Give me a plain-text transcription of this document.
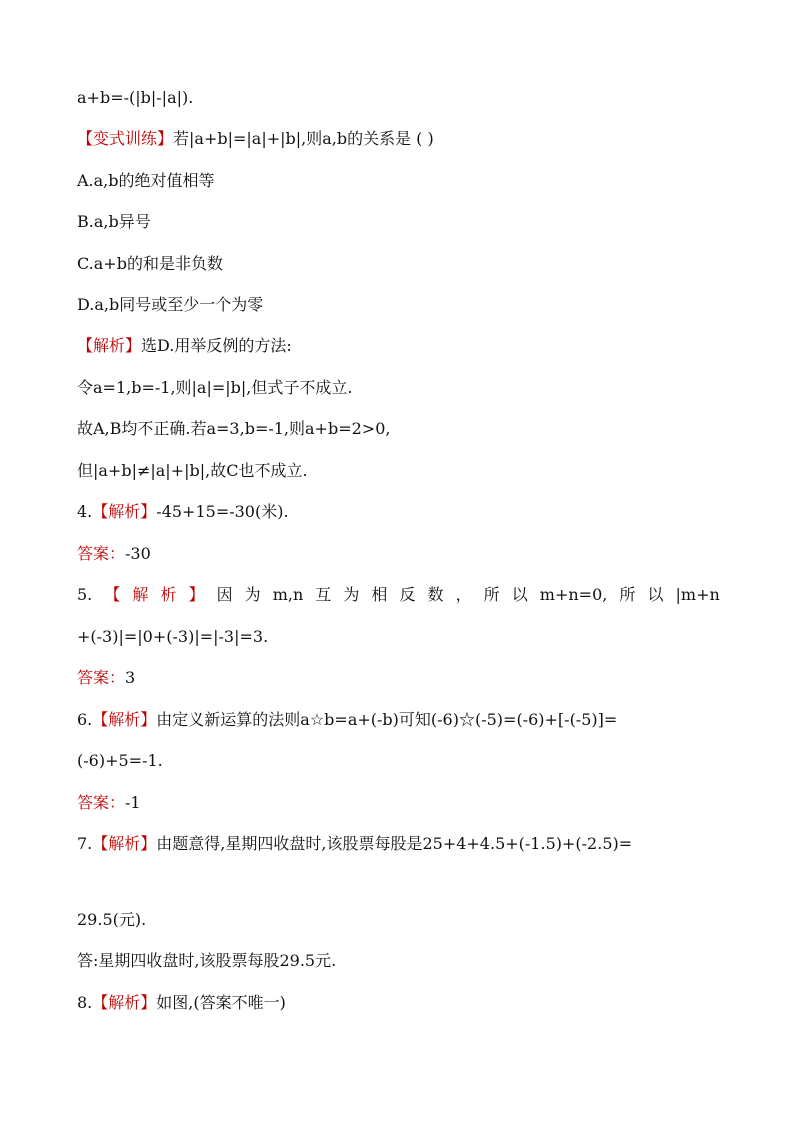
a+b=-(|b|-|a|).
【变式训练】若|a+b|=|a|+|b|,则a,b的关系是 ( )
A.a,b的绝对值相等
B.a,b异号
C.a+b的和是非负数
D.a,b同号或至少一个为零
【解析】选D.用举反例的方法:
令a=1,b=-1,则|a|=|b|,但式子不成立.
故A,B均不正确.若a=3,b=-1,则a+b=2>0,
但|a+b|≠|a|+|b|,故C也不成立.
4.【解析】-45+15=-30(米).
答案：-30
5. 【 解 析 】 因 为 m,n 互 为 相 反 数 ， 所 以 m+n=0, 所 以 |m+n
+(-3)|=|0+(-3)|=|-3|=3.
答案：3
6.【解析】由定义新运算的法则a☆b=a+(-b)可知(-6)☆(-5)=(-6)+[-(-5)]=
(-6)+5=-1.
答案：-1
7.【解析】由题意得,星期四收盘时,该股票每股是25+4+4.5+(-1.5)+(-2.5)=
29.5(元).
答:星期四收盘时,该股票每股29.5元.
8.【解析】如图,(答案不唯一)
